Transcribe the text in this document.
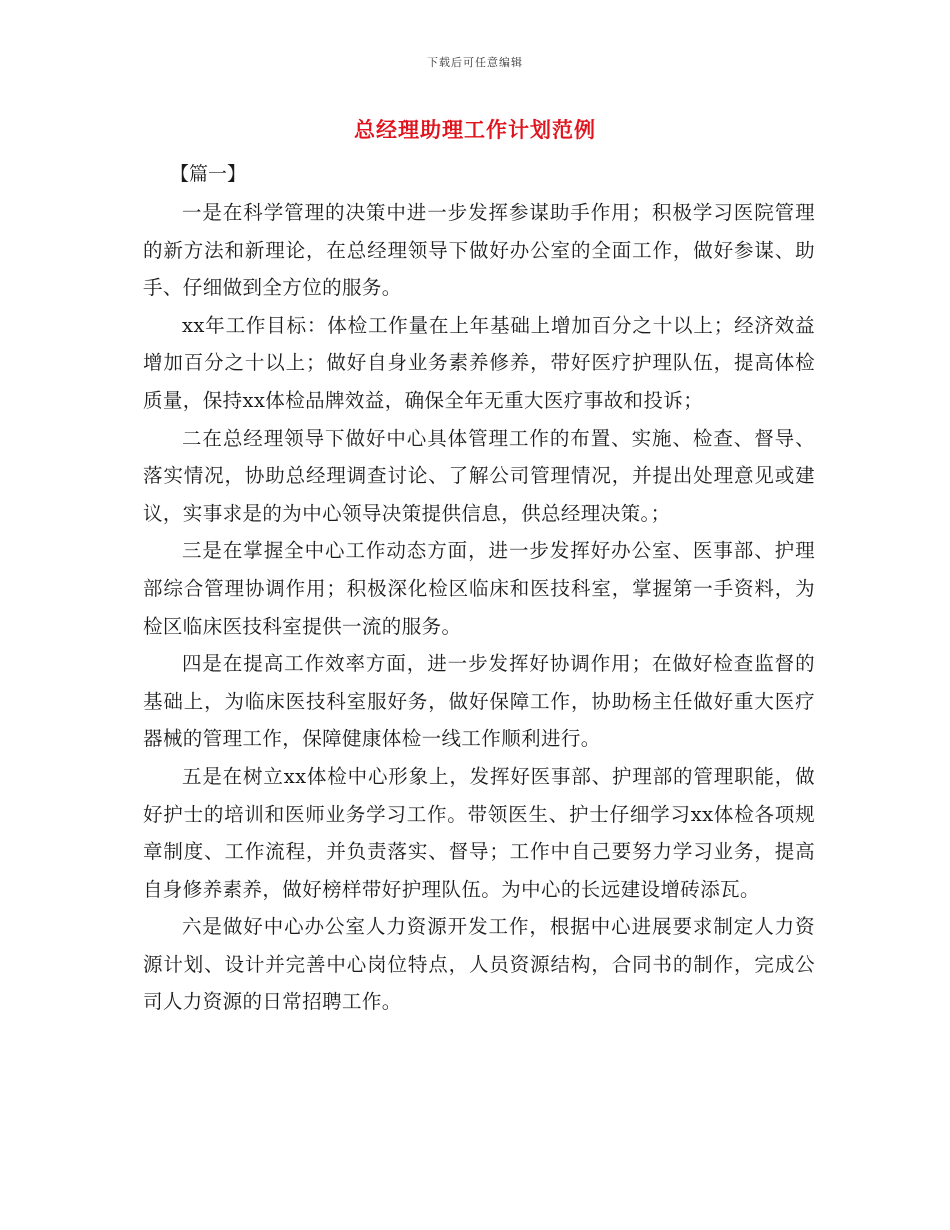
下载后可任意编辑
总经理助理工作计划范例
【篇一】

一是在科学管理的决策中进一步发挥参谋助手作用；积极学习医院管理的新方法和新理论，在总经理领导下做好办公室的全面工作，做好参谋、助手、仔细做到全方位的服务。

xx年工作目标：体检工作量在上年基础上增加百分之十以上；经济效益增加百分之十以上；做好自身业务素养修养，带好医疗护理队伍，提高体检质量，保持xx体检品牌效益，确保全年无重大医疗事故和投诉；

二在总经理领导下做好中心具体管理工作的布置、实施、检查、督导、落实情况，协助总经理调查讨论、了解公司管理情况，并提出处理意见或建议，实事求是的为中心领导决策提供信息，供总经理决策。；

三是在掌握全中心工作动态方面，进一步发挥好办公室、医事部、护理部综合管理协调作用；积极深化检区临床和医技科室，掌握第一手资料，为检区临床医技科室提供一流的服务。

四是在提高工作效率方面，进一步发挥好协调作用；在做好检查监督的基础上，为临床医技科室服好务，做好保障工作，协助杨主任做好重大医疗器械的管理工作，保障健康体检一线工作顺利进行。

五是在树立xx体检中心形象上，发挥好医事部、护理部的管理职能，做好护士的培训和医师业务学习工作。带领医生、护士仔细学习xx体检各项规章制度、工作流程，并负责落实、督导；工作中自己要努力学习业务，提高自身修养素养，做好榜样带好护理队伍。为中心的长远建设增砖添瓦。

六是做好中心办公室人力资源开发工作，根据中心进展要求制定人力资源计划、设计并完善中心岗位特点，人员资源结构，合同书的制作，完成公司人力资源的日常招聘工作。
